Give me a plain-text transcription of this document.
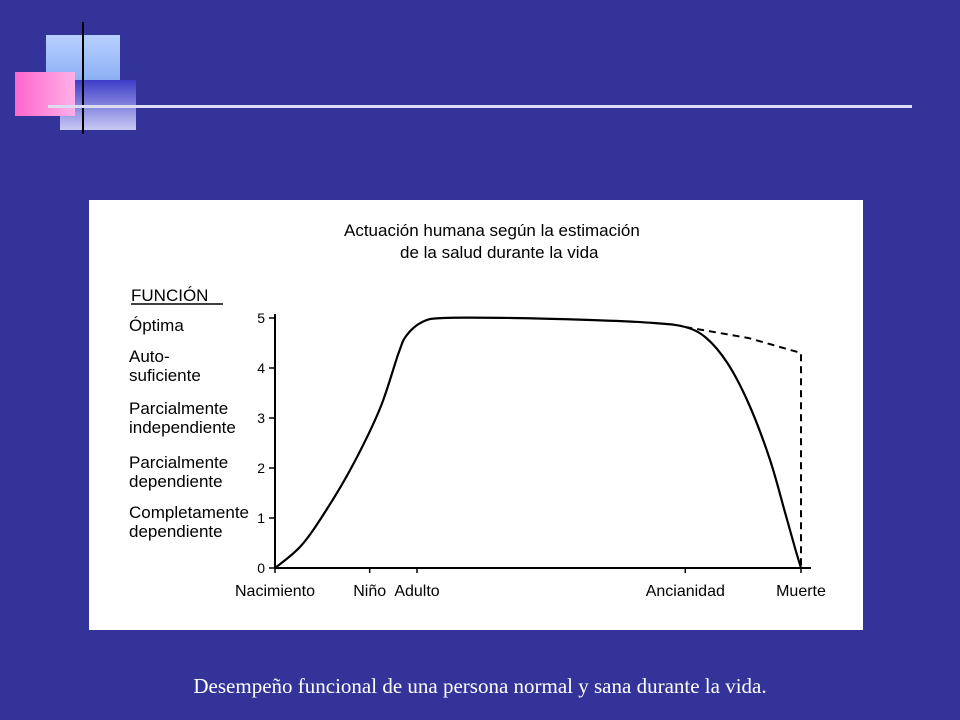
Actuación humana según la estimación
de la salud durante la vida
FUNCIÓN
Óptima
Auto-
suficiente
Parcialmente
independiente
Parcialmente
dependiente
Completamente
dependiente
0
1
2
3
4
5
Nacimiento Niño Adulto	Ancianidad	Muerte
Desempeño funcional de una persona normal y sana durante la vida.
